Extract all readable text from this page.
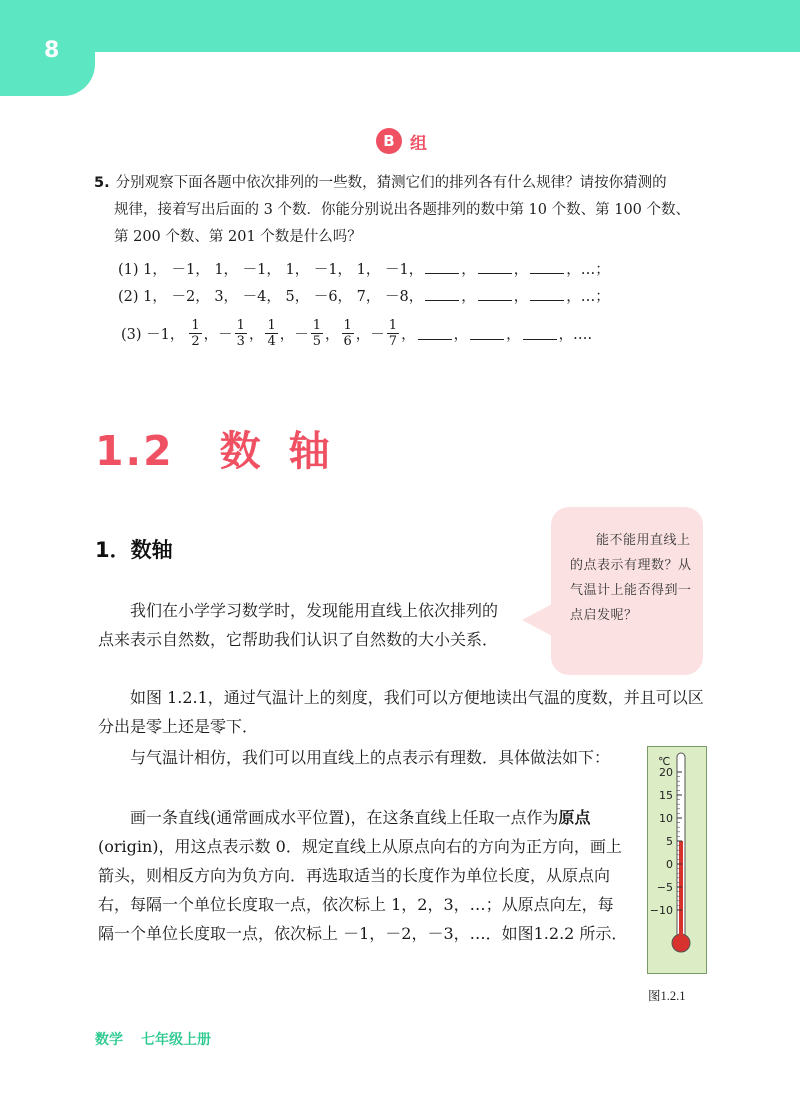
8
B 组
5. 分别观察下面各题中依次排列的一些数，猜测它们的排列各有什么规律？请按你猜测的
规律，接着写出后面的 3 个数．你能分别说出各题排列的数中第 10 个数、第 100 个数、
第 200 个数、第 201 个数是什么吗？
(1) 1， －1， 1， －1， 1， －1， 1， －1，	，	，	，…；
(2) 1， －2， 3， －4， 5， －6， 7， －8，	，	，	，…；
(3) －1， $\frac{1}{2}$ ， － $\frac{1}{3}$ ， $\frac{1}{4}$ ， － $\frac{1}{5}$ ， $\frac{1}{6}$ ， － $\frac{1}{7}$ ，	，	，	，….
1.2 数轴
1．数轴	能不能用直线上的点表示有理数？从气温计上能否得到一点启发呢？
我们在小学学习数学时，发现能用直线上依次排列的点来表示自然数，它帮助我们认识了自然数的大小关系．
如图 1.2.1，通过气温计上的刻度，我们可以方便地读出气温的度数，并且可以区分出是零上还是零下．
与气温计相仿，我们可以用直线上的点表示有理数．具体做法如下：
画一条直线(通常画成水平位置)，在这条直线上任取一点作为原点(origin)，用这点表示数 0．规定直线上从原点向右的方向为正方向，画上箭头，则相反方向为负方向．再选取适当的长度作为单位长度，从原点向右，每隔一个单位长度取一点，依次标上 1，2，3，…；从原点向左，每隔一个单位长度取一点，依次标上 －1，－2，－3，…．如图1.2.2 所示．
℃
20
15
10
5
0
−5
−10
图1.2.1
数学 七年级上册
